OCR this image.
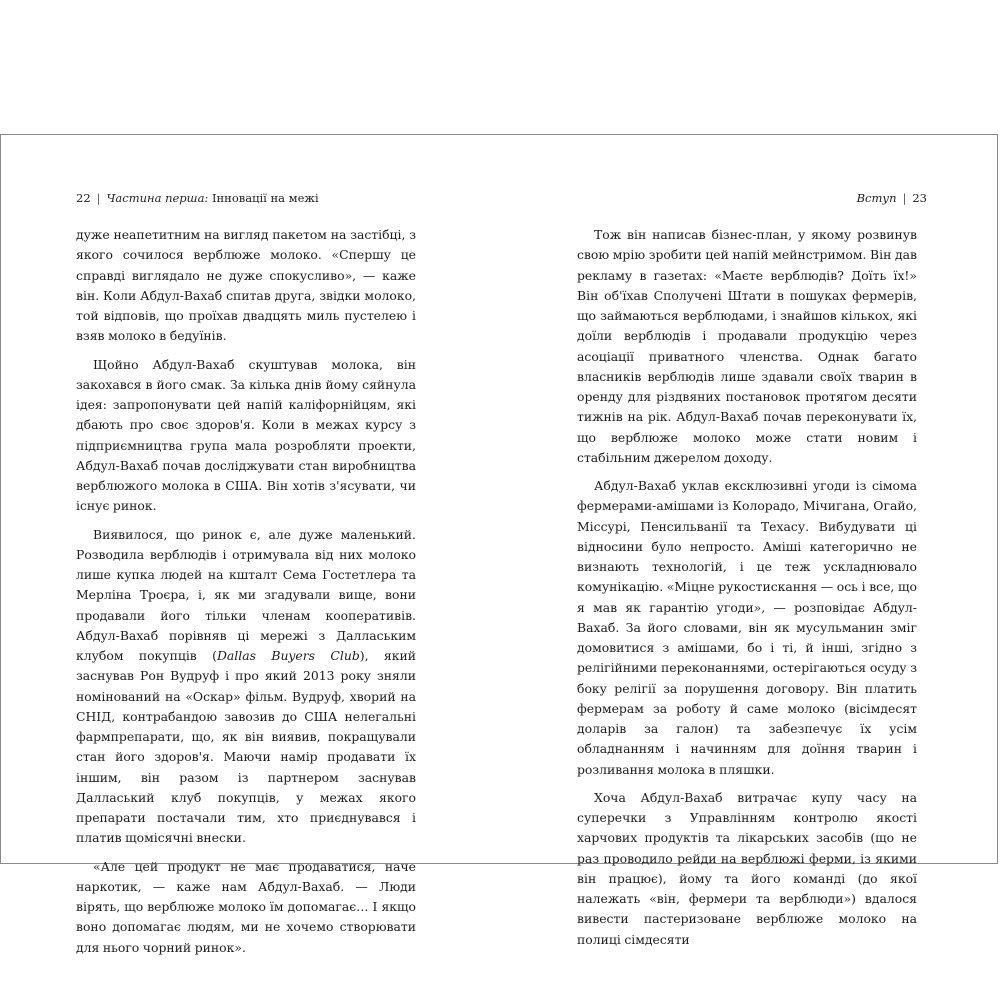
22 | Частина перша: Інновації на межі

дуже неапетитним на вигляд пакетом на застібці, з якого сочилося верблюже молоко. «Спершу це справді виглядало не дуже спокусливо», — каже він. Коли Абдул-Вахаб спитав друга, звідки молоко, той відповів, що проїхав двадцять миль пустелею і взяв молоко в бедуїнів.

Щойно Абдул-Вахаб скуштував молока, він закохався в його смак. За кілька днів йому сяйнула ідея: запропонувати цей напій каліфорнійцям, які дбають про своє здоров'я. Коли в межах курсу з підприємництва група мала розробляти проекти, Абдул-Вахаб почав досліджувати стан виробництва верблюжого молока в США. Він хотів з'ясувати, чи існує ринок.

Виявилося, що ринок є, але дуже маленький. Розводила верблюдів і отримувала від них молоко лише купка людей на кшталт Сема Гостетлера та Мерліна Троєра, і, як ми згадували вище, вони продавали його тільки членам кооперативів. Абдул-Вахаб порівняв ці мережі з Даллаським клубом покупців (Dallas Buyers Club), який заснував Рон Вудруф і про який 2013 року зняли номінований на «Оскар» фільм. Вудруф, хворий на СНІД, контрабандою завозив до США нелегальні фармпрепарати, що, як він виявив, покращували стан його здоров'я. Маючи намір продавати їх іншим, він разом із партнером заснував Далласький клуб покупців, у межах якого препарати постачали тим, хто приєднувався і платив щомісячні внески.

«Але цей продукт не має продаватися, наче наркотик, — каже нам Абдул-Вахаб. — Люди вірять, що верблюже молоко їм допомагає… І якщо воно допомагає людям, ми не хочемо створювати для нього чорний ринок».

Вступ | 23

Тож він написав бізнес-план, у якому розвинув свою мрію зробити цей напій мейнстримом. Він дав рекламу в газетах: «Маєте верблюдів? Доїть їх!» Він об'їхав Сполучені Штати в пошуках фермерів, що займаються верблюдами, і знайшов кількох, які доїли верблюдів і продавали продукцію через асоціації приватного членства. Однак багато власників верблюдів лише здавали своїх тварин в оренду для різдвяних постановок протягом десяти тижнів на рік. Абдул-Вахаб почав переконувати їх, що верблюже молоко може стати новим і стабільним джерелом доходу.

Абдул-Вахаб уклав ексклюзивні угоди із сімома фермерами-амішами із Колорадо, Мічигана, Огайо, Міссурі, Пенсильванії та Техасу. Вибудувати ці відносини було непросто. Аміші категорично не визнають технологій, і це теж ускладнювало комунікацію. «Міцне рукостискання — ось і все, що я мав як гарантію угоди», — розповідає Абдул-Вахаб. За його словами, він як мусульманин зміг домовитися з амішами, бо і ті, й інші, згідно з релігійними переконаннями, остерігаються осуду з боку релігії за порушення договору. Він платить фермерам за роботу й саме молоко (вісімдесят доларів за галон) та забезпечує їх усім обладнанням і начинням для доїння тварин і розливання молока в пляшки.

Хоча Абдул-Вахаб витрачає купу часу на суперечки з Управлінням контролю якості харчових продуктів та лікарських засобів (що не раз проводило рейди на верблюжі ферми, із якими він працює), йому та його команді (до якої належать «він, фермери та верблюди») вдалося вивести пастеризоване верблюже молоко на полиці сімдесяти
